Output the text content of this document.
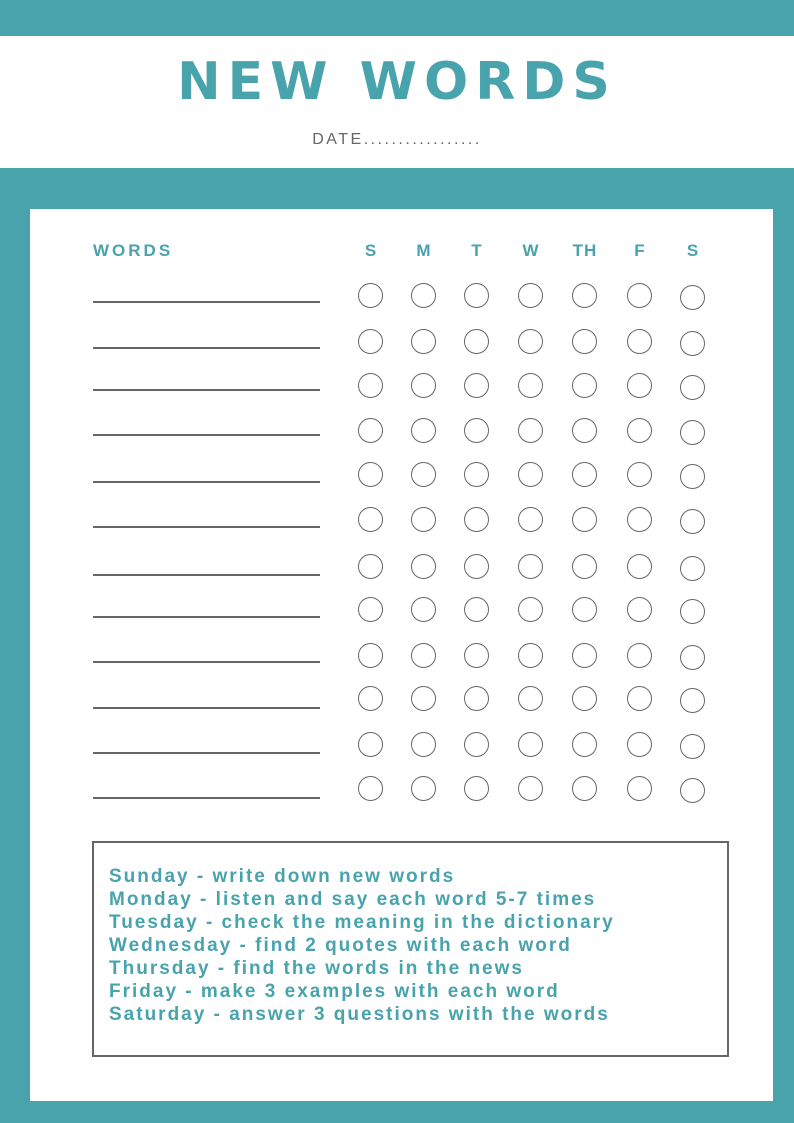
NEW WORDS
DATE.................
WORDS	S	M	T	W	TH	F	S
Sunday - write down new words
Monday - listen and say each word 5-7 times
Tuesday - check the meaning in the dictionary
Wednesday - find 2 quotes with each word
Thursday - find the words in the news
Friday - make 3 examples with each word
Saturday - answer 3 questions with the words
